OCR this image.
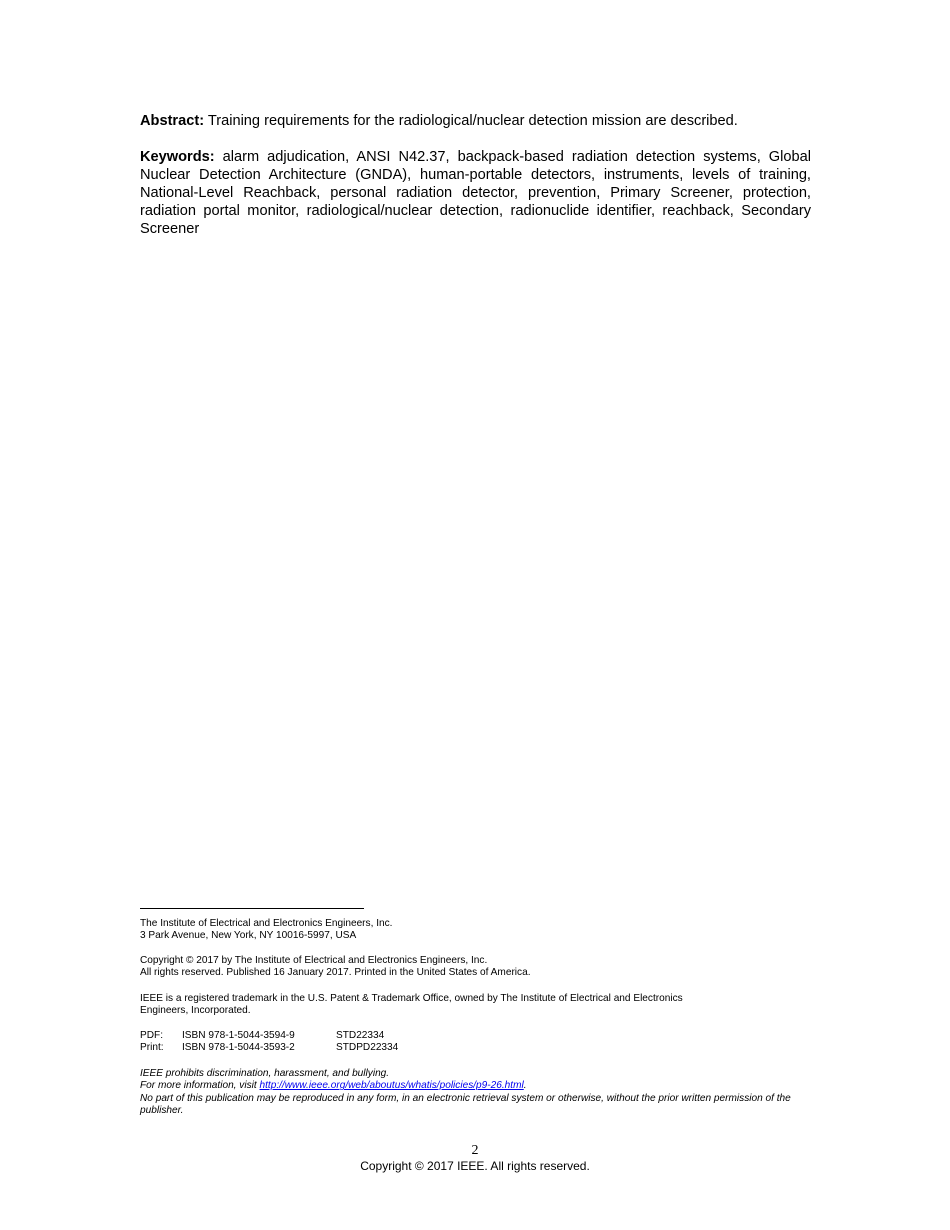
Abstract: Training requirements for the radiological/nuclear detection mission are described.

Keywords: alarm adjudication, ANSI N42.37, backpack-based radiation detection systems, Global Nuclear Detection Architecture (GNDA), human-portable detectors, instruments, levels of training, National-Level Reachback, personal radiation detector, prevention, Primary Screener, protection, radiation portal monitor, radiological/nuclear detection, radionuclide identifier, reachback, Secondary Screener

The Institute of Electrical and Electronics Engineers, Inc.

3 Park Avenue, New York, NY 10016-5997, USA

Copyright © 2017 by The Institute of Electrical and Electronics Engineers, Inc.

All rights reserved. Published 16 January 2017. Printed in the United States of America.

IEEE is a registered trademark in the U.S. Patent & Trademark Office, owned by The Institute of Electrical and Electronics

Engineers, Incorporated.

PDF:	ISBN 978-1-5044-3594-9	STD22334
Print:	ISBN 978-1-5044-3593-2	STDPD22334

IEEE prohibits discrimination, harassment, and bullying.

For more information, visit http://www.ieee.org/web/aboutus/whatis/policies/p9-26.html.

No part of this publication may be reproduced in any form, in an electronic retrieval system or otherwise, without the prior written permission of the publisher.

2
Copyright © 2017 IEEE. All rights reserved.
